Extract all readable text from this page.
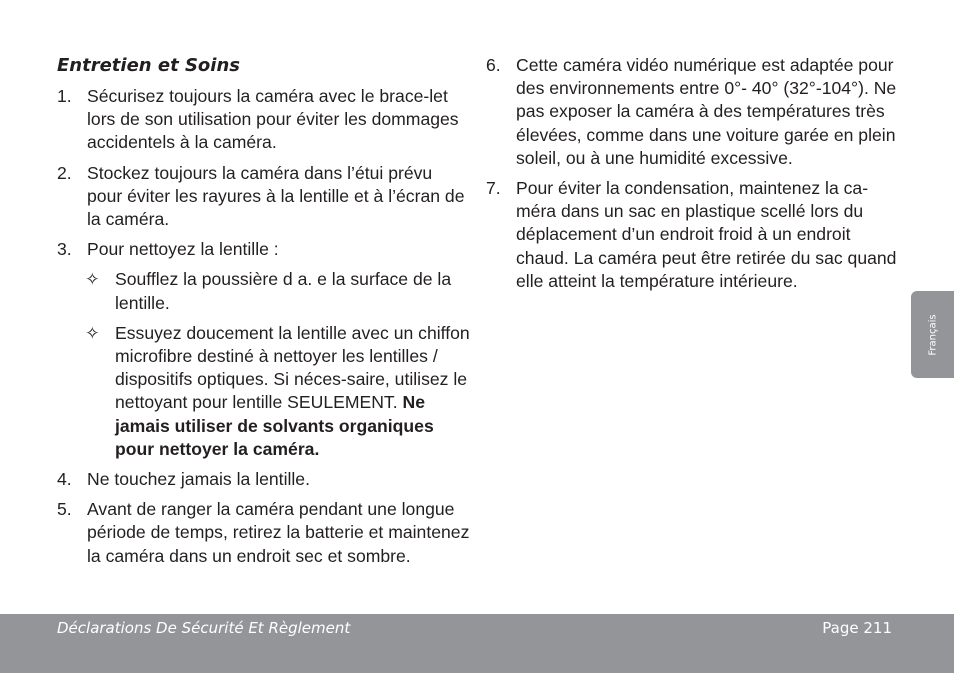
Entretien et Soins
1. Sécurisez toujours la caméra avec le brace-let lors de son utilisation pour éviter les dommages accidentels à la caméra.
2. Stockez toujours la caméra dans l’étui prévu pour éviter les rayures à la lentille et à l’écran de la caméra.
3. Pour nettoyez la lentille :
✧ Soufflez la poussière d a. e la surface de la lentille.
✧ Essuyez doucement la lentille avec un chiffon microfibre destiné à nettoyer les lentilles / dispositifs optiques. Si néces-saire, utilisez le nettoyant pour lentille SEULEMENT. Ne jamais utiliser de solvants organiques pour nettoyer la caméra.
4. Ne touchez jamais la lentille.
5. Avant de ranger la caméra pendant une longue période de temps, retirez la batterie et maintenez la caméra dans un endroit sec et sombre.
6. Cette caméra vidéo numérique est adaptée pour des environnements entre 0°- 40° (32°-104°). Ne pas exposer la caméra à des températures très élevées, comme dans une voiture garée en plein soleil, ou à une humidité excessive.
7. Pour éviter la condensation, maintenez la ca-méra dans un sac en plastique scellé lors du déplacement d’un endroit froid à un endroit chaud. La caméra peut être retirée du sac quand elle atteint la température intérieure.
Français
Déclarations De Sécurité Et Règlement	Page 211
